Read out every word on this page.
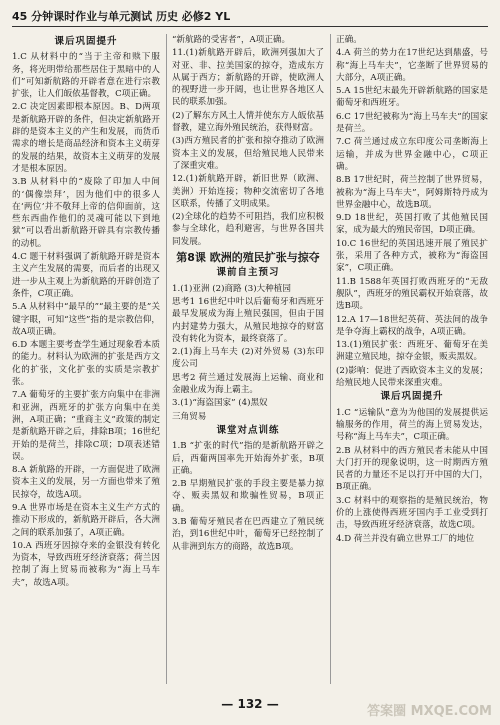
45 分钟课时作业与单元测试 历史 必修2 YL
课后巩固提升

1.C 从材料中的“当于主帝和赎下服务，将光明带给那些居住于黑暗中的人们”可知新航路的开辟者意在进行宗教扩张，让人们皈依基督教，C项正确。

2.C 决定因素即根本原因。B、D两项是新航路开辟的条件，但决定新航路开辟的是资本主义的产生和发展，而货币需求的增长是商品经济和资本主义萌芽的发展的结果，故资本主义萌芽的发展才是根本原因。

3.B 从材料中的“废除了印加人中间的‘偶像崇拜’，因为他们中的很多人在‘两位’并不敬拜上帝的信仰面前，这些东西曲作他们的灵魂可能以下到地狱”可以看出新航路开辟具有宗教传播的动机。

4.C 题干材料强调了新航路开辟是资本主义产生发展的需要，而后者的出现又进一步从主观上为新航路的开辟创造了条件，C项正确。

5.A 从材料中“最早的”“最主要的是”关键字眼，可知“这些”指的是宗教信仰，故A项正确。

6.D 本题主要考查学生通过现象看本质的能力。材料认为欧洲的扩张是西方文化的扩张，文化扩张的实质是宗教扩张。

7.A 葡萄牙的主要扩张方向集中在非洲和亚洲，西班牙的扩张方向集中在美洲，A项正确；“重商主义”政策的制定是新航路开辟之后，排除B项；16世纪开始的是荷兰，排除C项；D项表述错误。

8.A 新航路的开辟，一方面促进了欧洲资本主义的发展，另一方面也带来了殖民掠夺，故选A项。

9.A 世界市场是在资本主义生产方式的推动下形成的，新航路开辟后，各大洲之间的联系加强了，A项正确。

10.A 西班牙因掠夺来的金银没有转化为资本，导致西班牙经济衰落；荷兰因控制了海上贸易而被称为“海上马车夫”，故选A项。

“新航路的受害者”，A项正确。

11.(1)新航路开辟后，欧洲列强加大了对亚、非、拉美国家的掠夺，造成东方从属于西方；新航路的开辟，使欧洲人的视野进一步开阔，也让世界各地区人民的联系加强。

(2)了解东方风土人情并使东方人皈依基督教，建立海外殖民统治，获得财富。

(3)西方殖民者的扩张和掠夺推动了欧洲资本主义的发展，但给殖民地人民带来了深重灾难。

12.(1)新航路开辟，新旧世界（欧洲、美洲）开始连接；物种交流密切了各地区联系，传播了文明成果。

(2)全球化的趋势不可阻挡，我们应积极参与全球化，趋利避害，与世界各国共同发展。

第8课 欧洲的殖民扩张与掠夺
课前自主预习

1.(1)亚洲 (2)商路 (3)大种植园

思考1 16世纪中叶以后葡萄牙和西班牙最早发展成为海上殖民强国，但由于国内封建势力强大，从殖民地掠夺的财富没有转化为资本，最终衰落了。

2.(1)海上马车夫 (2)对外贸易 (3)东印度公司

思考2 荷兰通过发展海上运输、商业和金融业成为海上霸主。

3.(1)“海盗国家” (4)黑奴

三角贸易

课堂对点训练

1.B “扩张的时代”指的是新航路开辟之后，西葡两国率先开始海外扩张，B项正确。

2.B 早期殖民扩张的手段主要是暴力掠夺、贩卖黑奴和欺骗性贸易，B项正确。

3.B 葡萄牙殖民者在巴西建立了殖民统治，到16世纪中叶，葡萄牙已经控制了从非洲到东方的商路，故选B项。

正确。

4.A 荷兰的势力在17世纪达到鼎盛，号称“海上马车夫”，它垄断了世界贸易的大部分，A项正确。

5.A 15世纪末最先开辟新航路的国家是葡萄牙和西班牙。

6.C 17世纪被称为“海上马车夫”的国家是荷兰。

7.C 荷兰通过成立东印度公司垄断海上运输，并成为世界金融中心，C项正确。

8.B 17世纪时，荷兰控制了世界贸易，被称为“海上马车夫”，阿姆斯特丹成为世界金融中心，故选B项。

9.D 18世纪，英国打败了其他殖民国家，成为最大的殖民帝国，D项正确。

10.C 16世纪的英国迅速开展了殖民扩张，采用了各种方式，被称为“海盗国家”，C项正确。

11.B 1588年英国打败西班牙的“无敌舰队”，西班牙的殖民霸权开始衰落，故选B项。

12.A 17—18世纪英荷、英法间的战争是争夺海上霸权的战争，A项正确。

13.(1)殖民扩张：西班牙、葡萄牙在美洲建立殖民地，掠夺金银，贩卖黑奴。

(2)影响：促进了西欧资本主义的发展；给殖民地人民带来深重灾难。

课后巩固提升

1.C “运输队”意为为他国的发展提供运输服务的作用，荷兰的海上贸易发达，号称“海上马车夫”，C项正确。

2.B 从材料中的西方殖民者未能从中国大门打开的现象说明，这一时期西方殖民者的力量还不足以打开中国的大门，B项正确。

3.C 材料中的观察指的是殖民统治，物价的上涨使得西班牙国内手工业受到打击，导致西班牙经济衰落，故选C项。

4.D 荷兰并没有确立世界工厂的地位

— 132 —	答案圈 MXQE.COM
